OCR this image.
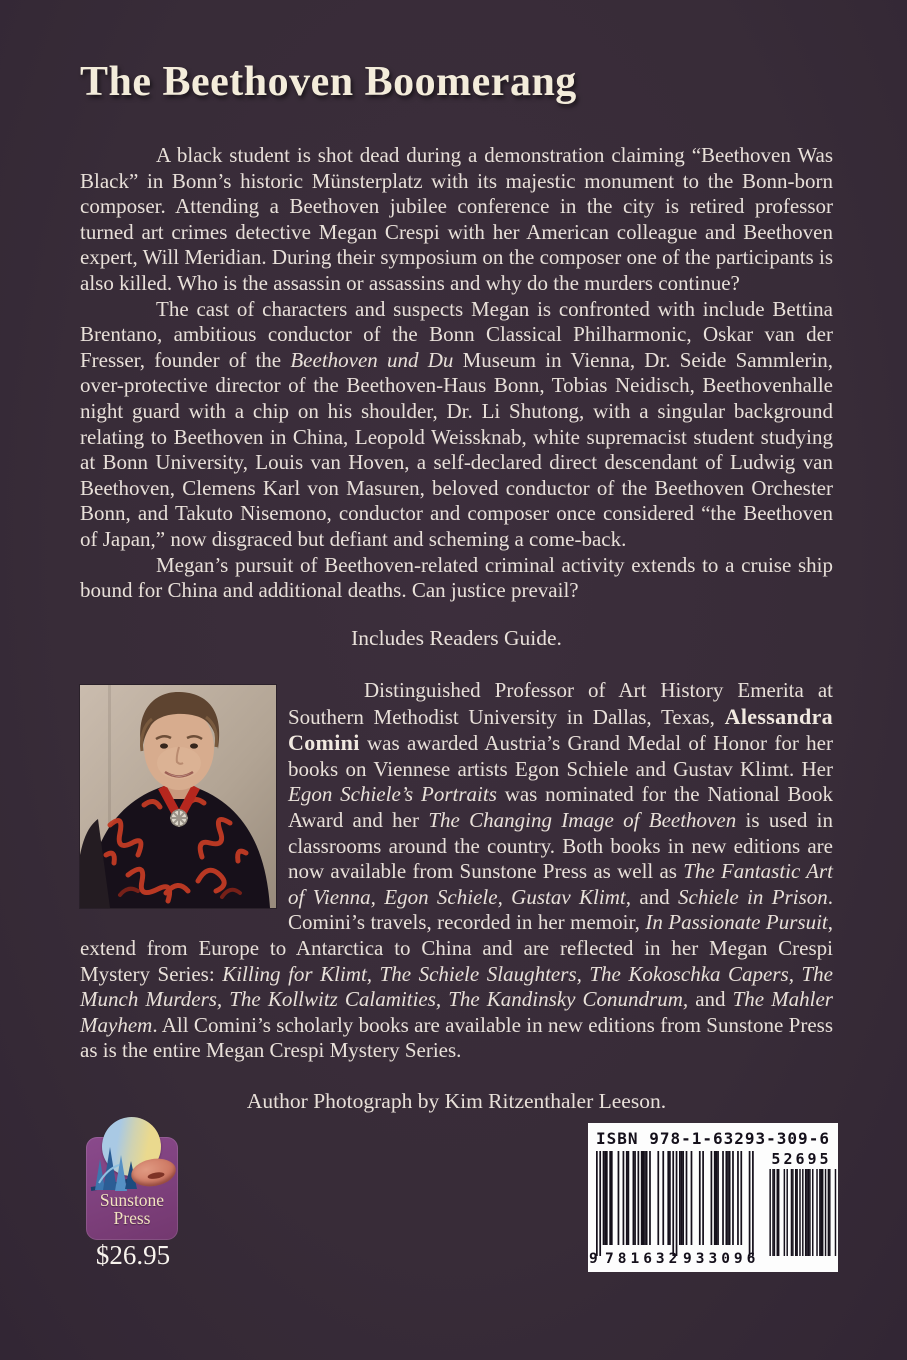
The Beethoven Boomerang

A black student is shot dead during a demonstration claiming “Beethoven Was Black” in Bonn’s historic Münsterplatz with its majestic monument to the Bonn-born composer. Attending a Beethoven jubilee conference in the city is retired professor turned art crimes detective Megan Crespi with her American colleague and Beethoven expert, Will Meridian. During their symposium on the composer one of the participants is also killed. Who is the assassin or assassins and why do the murders continue?

The cast of characters and suspects Megan is confronted with include Bettina Brentano, ambitious conductor of the Bonn Classical Philharmonic, Oskar van der Fresser, founder of the Beethoven und Du Museum in Vienna, Dr. Seide Sammlerin, over-protective director of the Beethoven-Haus Bonn, Tobias Neidisch, Beethovenhalle night guard with a chip on his shoulder, Dr. Li Shutong, with a singular background relating to Beethoven in China, Leopold Weissknab, white supremacist student studying at Bonn University, Louis van Hoven, a self-declared direct descendant of Ludwig van Beethoven, Clemens Karl von Masuren, beloved conductor of the Beethoven Orchester Bonn, and Takuto Nisemono, conductor and composer once considered “the Beethoven of Japan,” now disgraced but defiant and scheming a come-back.

Megan’s pursuit of Beethoven-related criminal activity extends to a cruise ship bound for China and additional deaths. Can justice prevail?

Includes Readers Guide.

Distinguished Professor of Art History Emerita at Southern Methodist University in Dallas, Texas, Alessandra Comini was awarded Austria’s Grand Medal of Honor for her books on Viennese artists Egon Schiele and Gustav Klimt. Her Egon Schiele’s Portraits was nominated for the National Book Award and her The Changing Image of Beethoven is used in classrooms around the country. Both books in new editions are now available from Sunstone Press as well as The Fantastic Art of Vienna, Egon Schiele, Gustav Klimt, and Schiele in Prison. Comini’s travels, recorded in her memoir, In Passionate Pursuit, extend from Europe to Antarctica to China and are reflected in her Megan Crespi Mystery Series: Killing for Klimt, The Schiele Slaughters, The Kokoschka Capers, The Munch Murders, The Kollwitz Calamities, The Kandinsky Conundrum, and The Mahler Mayhem. All Comini’s scholarly books are available in new editions from Sunstone Press as is the entire Megan Crespi Mystery Series.

Author Photograph by Kim Ritzenthaler Leeson.
Sunstone
Press
$26.95
ISBN 978-1-63293-309-6
52695
9 781632 933096
